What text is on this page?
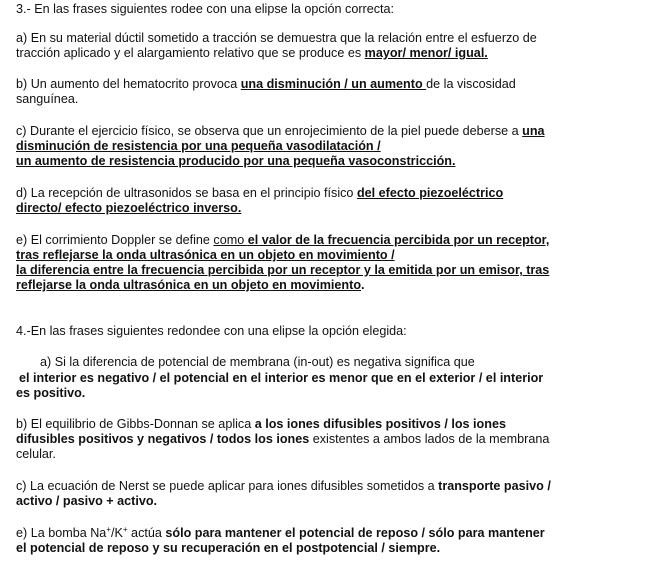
3.- En las frases siguientes rodee con una elipse la opción correcta:
a) En su material dúctil sometido a tracción se demuestra que la relación entre el esfuerzo de
tracción aplicado y el alargamiento relativo que se produce es mayor/ menor/ igual.
b) Un aumento del hematocrito provoca una disminución / un aumento de la viscosidad
sanguínea.
c) Durante el ejercicio físico, se observa que un enrojecimiento de la piel puede deberse a una
disminución de resistencia por una pequeña vasodilatación /
un aumento de resistencia producido por una pequeña vasoconstricción.
d) La recepción de ultrasonidos se basa en el principio físico del efecto piezoeléctrico
directo/ efecto piezoeléctrico inverso.
e) El corrimiento Doppler se define como el valor de la frecuencia percibida por un receptor,
tras reflejarse la onda ultrasónica en un objeto en movimiento /
la diferencia entre la frecuencia percibida por un receptor y la emitida por un emisor, tras
reflejarse la onda ultrasónica en un objeto en movimiento.
4.-En las frases siguientes redondee con una elipse la opción elegida:
a) Si la diferencia de potencial de membrana (in-out) es negativa significa que
el interior es negativo / el potencial en el interior es menor que en el exterior / el interior
es positivo.
b) El equilibrio de Gibbs-Donnan se aplica a los iones difusibles positivos / los iones
difusibles positivos y negativos / todos los iones existentes a ambos lados de la membrana
celular.
c) La ecuación de Nerst se puede aplicar para iones difusibles sometidos a transporte pasivo /
activo / pasivo + activo.
e) La bomba Na+/K+ actúa sólo para mantener el potencial de reposo / sólo para mantener
el potencial de reposo y su recuperación en el postpotencial / siempre.
